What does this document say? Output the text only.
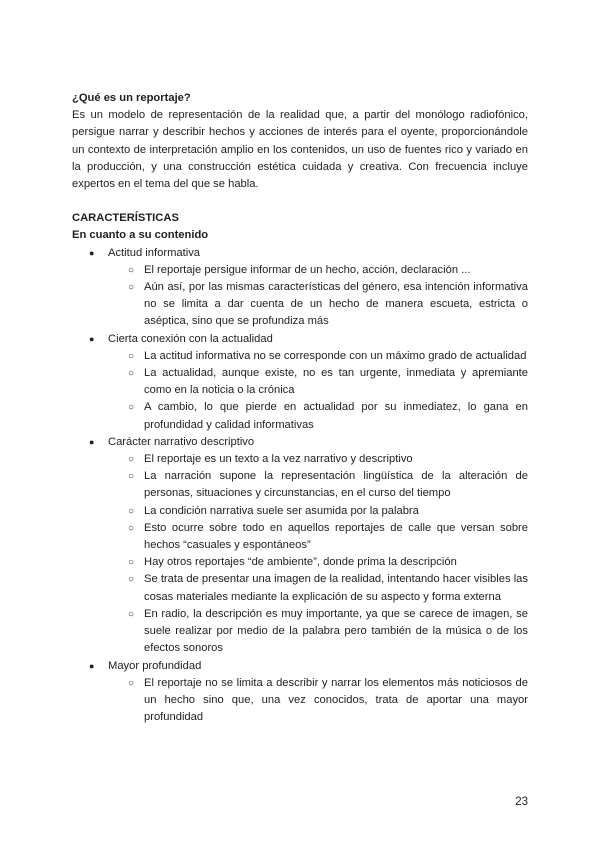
¿Qué es un reportaje?

Es un modelo de representación de la realidad que, a partir del monólogo radiofónico, persigue narrar y describir hechos y acciones de interés para el oyente, proporcionándole un contexto de interpretación amplio en los contenidos, un uso de fuentes rico y variado en la producción, y una construcción estética cuidada y creativa. Con frecuencia incluye expertos en el tema del que se habla.

CARACTERÍSTICAS
En cuanto a su contenido
● Actitud informativa
○ El reportaje persigue informar de un hecho, acción, declaración ...
○ Aún así, por las mismas características del género, esa intención informativa no se limita a dar cuenta de un hecho de manera escueta, estricta o aséptica, sino que se profundiza más
● Cierta conexión con la actualidad
○ La actitud informativa no se corresponde con un máximo grado de actualidad
○ La actualidad, aunque existe, no es tan urgente, inmediata y apremiante como en la noticia o la crónica
○ A cambio, lo que pierde en actualidad por su inmediatez, lo gana en profundidad y calidad informativas
● Carácter narrativo descriptivo
○ El reportaje es un texto a la vez narrativo y descriptivo
○ La narración supone la representación lingüística de la alteración de personas, situaciones y circunstancias, en el curso del tiempo
○ La condición narrativa suele ser asumida por la palabra
○ Esto ocurre sobre todo en aquellos reportajes de calle que versan sobre hechos “casuales y espontáneos”
○ Hay otros reportajes “de ambiente”, donde prima la descripción
○ Se trata de presentar una imagen de la realidad, intentando hacer visibles las cosas materiales mediante la explicación de su aspecto y forma externa
○ En radio, la descripción es muy importante, ya que se carece de imagen, se suele realizar por medio de la palabra pero también de la música o de los efectos sonoros
● Mayor profundidad
○ El reportaje no se limita a describir y narrar los elementos más noticiosos de un hecho sino que, una vez conocidos, trata de aportar una mayor profundidad
23
